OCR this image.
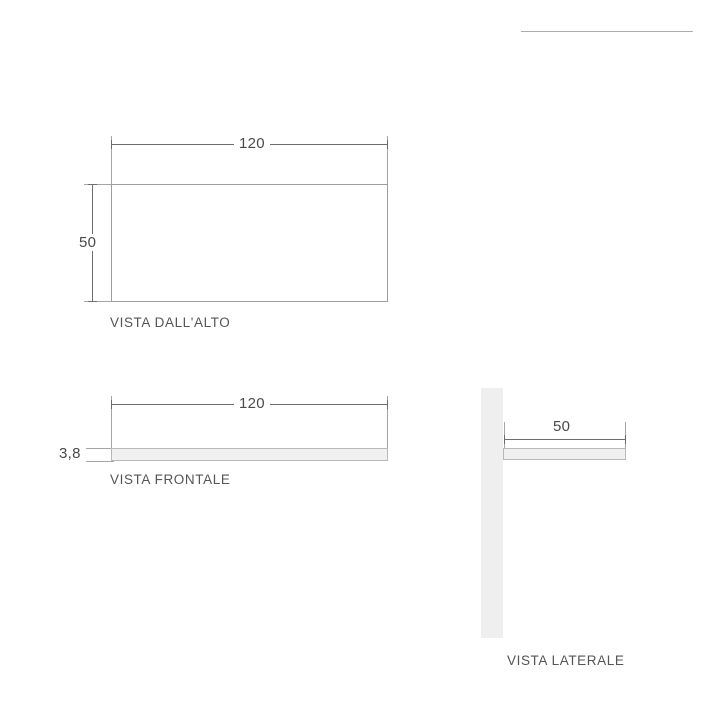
120
50
VISTA DALL'ALTO
120
3,8
VISTA FRONTALE
50
VISTA LATERALE
